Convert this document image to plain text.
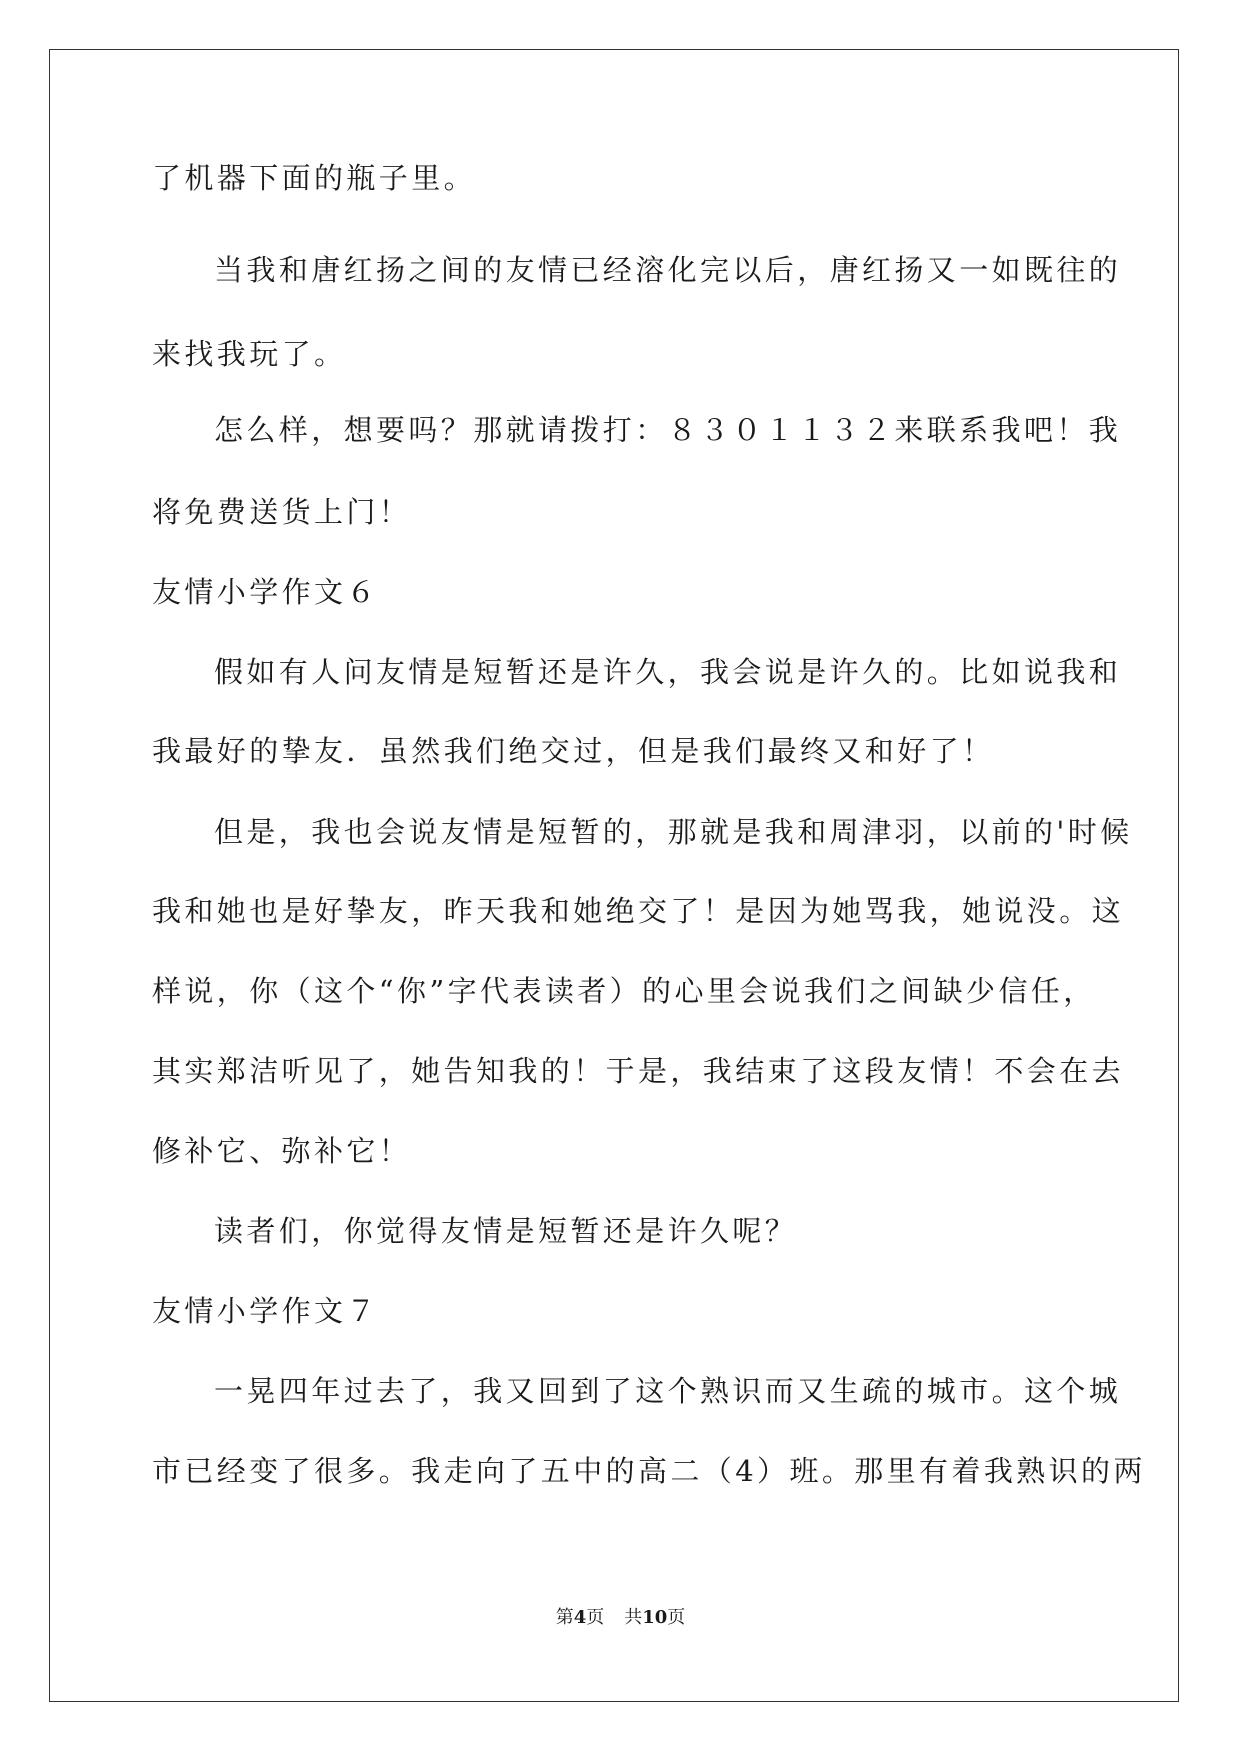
了机器下面的瓶子里。
当我和唐红扬之间的友情已经溶化完以后，唐红扬又一如既往的
来找我玩了。
怎么样，想要吗？那就请拨打：８３０１１３２来联系我吧！我
将免费送货上门！
友情小学作文６
假如有人问友情是短暂还是许久，我会说是许久的。比如说我和
我最好的挚友．虽然我们绝交过，但是我们最终又和好了！
但是，我也会说友情是短暂的，那就是我和周津羽，以前的'时候
我和她也是好挚友，昨天我和她绝交了！是因为她骂我，她说没。这
样说，你（这个“你”字代表读者）的心里会说我们之间缺少信任，
其实郑洁听见了，她告知我的！于是，我结束了这段友情！不会在去
修补它、弥补它！
读者们，你觉得友情是短暂还是许久呢？
友情小学作文７
一晃四年过去了，我又回到了这个熟识而又生疏的城市。这个城
市已经变了很多。我走向了五中的高二（4）班。那里有着我熟识的两
第4页 共10页
